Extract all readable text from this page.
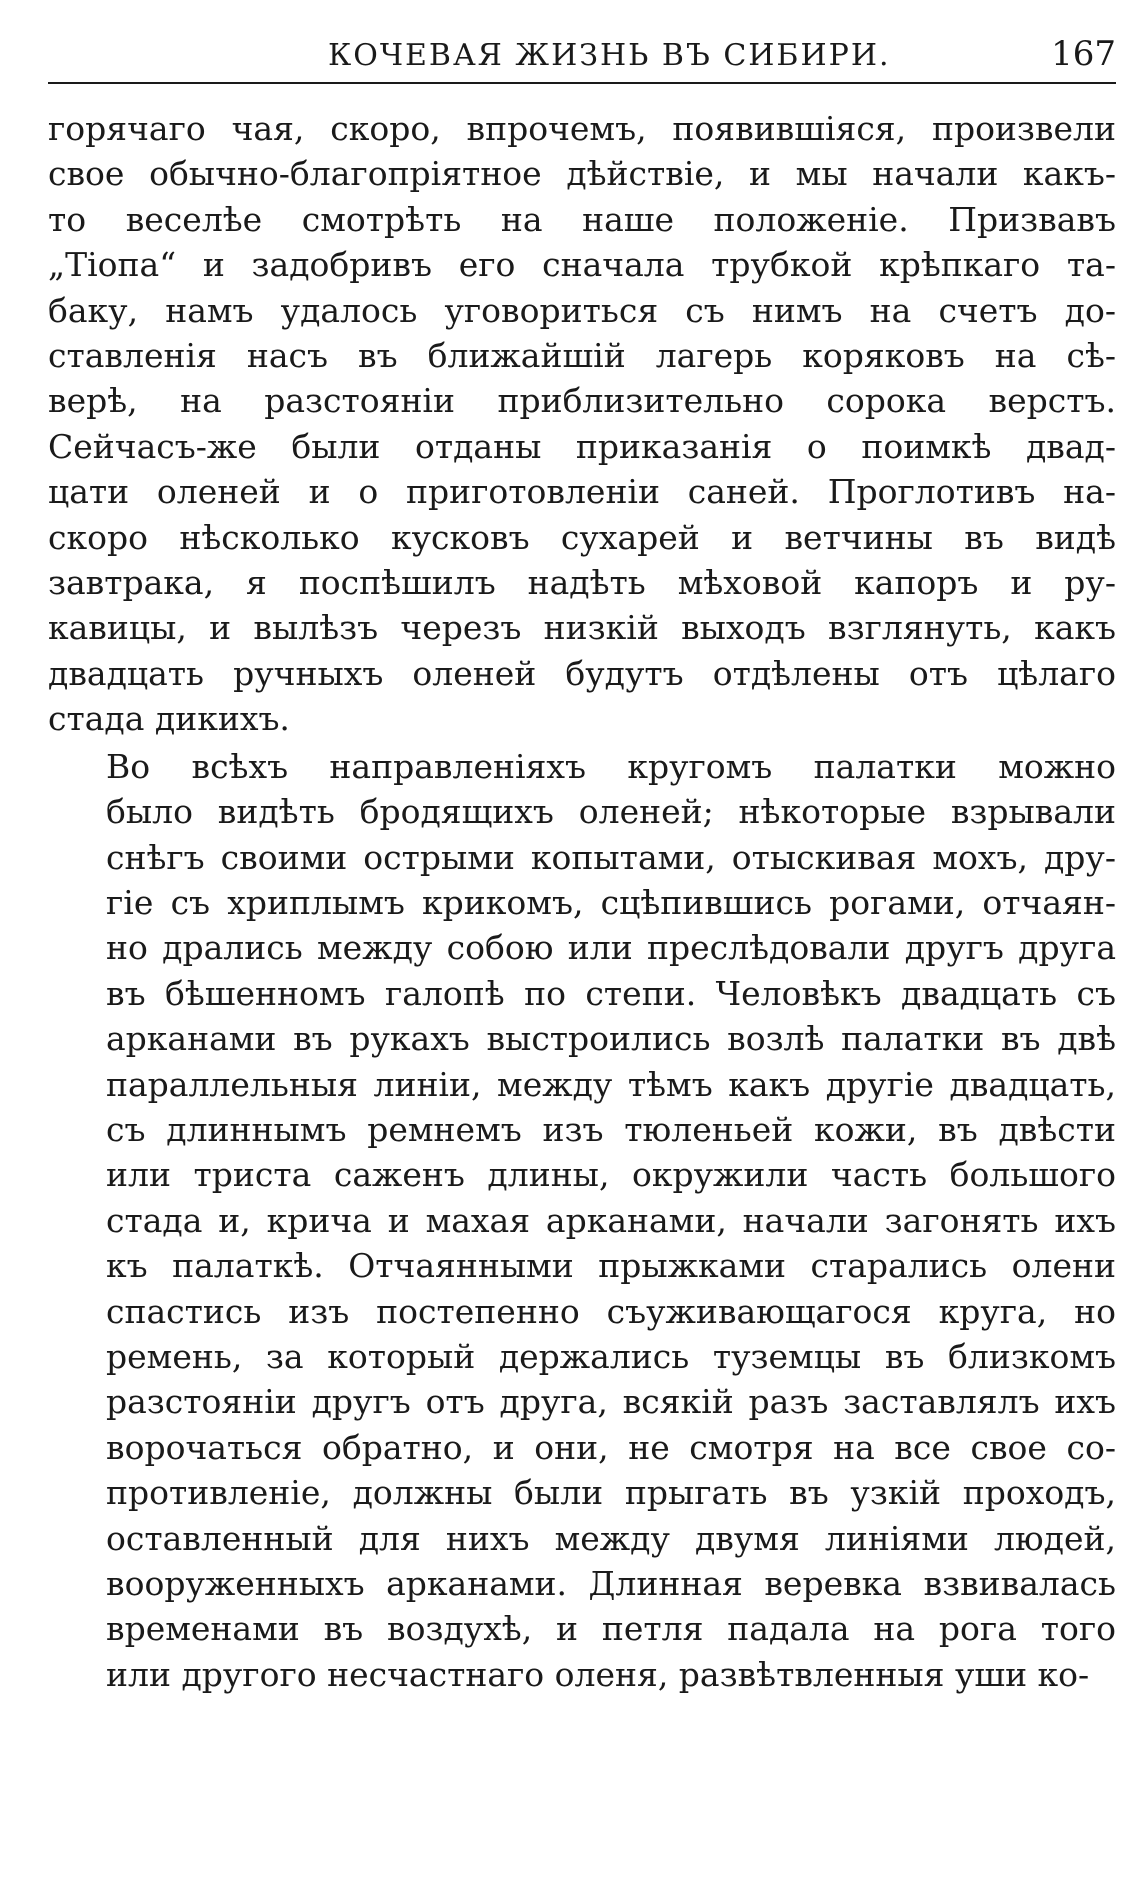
КОЧЕВАЯ ЖИЗНЬ ВЪ СИБИРИ.	167

горячаго чая, скоро, впрочемъ, появившiяся, произвели
свое обычно-благопрiятное дѣйствiе, и мы начали какъ-
то веселѣе смотрѣть на наше положенiе. Призвавъ
„Тiопа“ и задобривъ его сначала трубкой крѣпкаго та-
баку, намъ удалось уговориться съ нимъ на счетъ до-
ставленiя насъ въ ближайшiй лагерь коряковъ на сѣ-
верѣ, на разстоянiи приблизительно сорока верстъ.
Сейчасъ-же были отданы приказанiя о поимкѣ двад-
цати оленей и о приготовленiи саней. Проглотивъ на-
скоро нѣсколько кусковъ сухарей и ветчины въ видѣ
завтрака, я поспѣшилъ надѣть мѣховой капоръ и ру-
кавицы, и вылѣзъ черезъ низкiй выходъ взглянуть, какъ
двадцать ручныхъ оленей будутъ отдѣлены отъ цѣлаго
стада дикихъ.

Во всѣхъ направленiяхъ кругомъ палатки можно
было видѣть бродящихъ оленей; нѣкоторые взрывали
снѣгъ своими острыми копытами, отыскивая мохъ, дру-
гiе съ хриплымъ крикомъ, сцѣпившись рогами, отчаян-
но дрались между собою или преслѣдовали другъ друга
въ бѣшенномъ галопѣ по степи. Человѣкъ двадцать съ
арканами въ рукахъ выстроились возлѣ палатки въ двѣ
параллельныя линiи, между тѣмъ какъ другiе двадцать,
съ длиннымъ ремнемъ изъ тюленьей кожи, въ двѣсти
или триста саженъ длины, окружили часть большого
стада и, крича и махая арканами, начали загонять ихъ
къ палаткѣ. Отчаянными прыжками старались олени
спастись изъ постепенно съуживающагося круга, но
ремень, за который держались туземцы въ близкомъ
разстоянiи другъ отъ друга, всякiй разъ заставлялъ ихъ
ворочаться обратно, и они, не смотря на все свое со-
противленiе, должны были прыгать въ узкiй проходъ,
оставленный для нихъ между двумя линiями людей,
вооруженныхъ арканами. Длинная веревка взвивалась
временами въ воздухѣ, и петля падала на рога того
или другого несчастнаго оленя, развѣтвленныя уши ко-
